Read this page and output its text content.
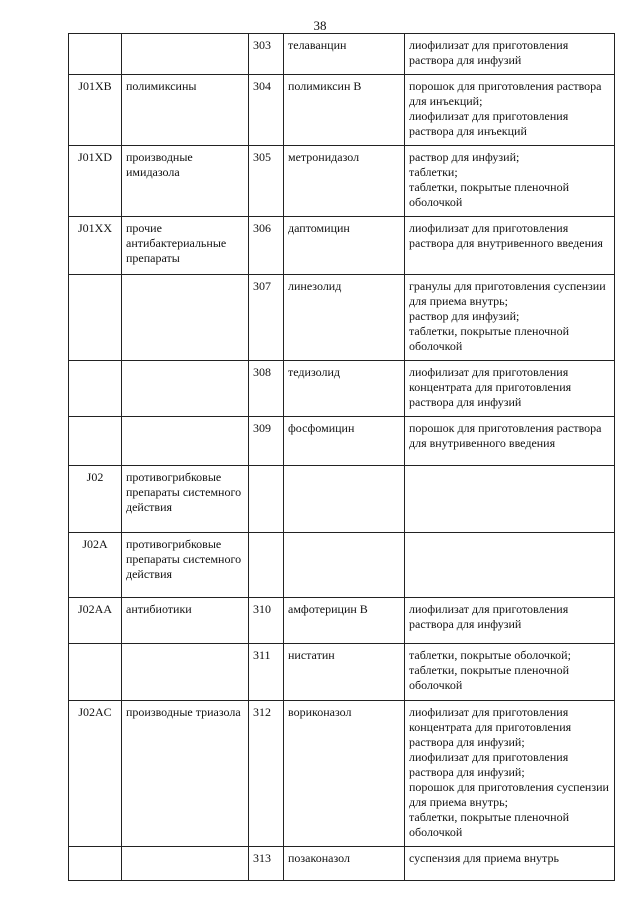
38
		303	телаванцин	лиофилизат для приготовления раствора для инфузий

J01XB	полимиксины	304	полимиксин В	порошок для приготовления раствора для инъекций;
лиофилизат для приготовления раствора для инъекций

J01XD	производные имидазола	305	метронидазол	раствор для инфузий;
таблетки;
таблетки, покрытые пленочной оболочкой

J01XX	прочие антибактериальные препараты	306	даптомицин	лиофилизат для приготовления раствора для внутривенного введения

		307	линезолид	гранулы для приготовления суспензии для приема внутрь;
раствор для инфузий;
таблетки, покрытые пленочной оболочкой

		308	тедизолид	лиофилизат для приготовления концентрата для приготовления раствора для инфузий

		309	фосфомицин	порошок для приготовления раствора для внутривенного введения

J02	противогрибковые препараты системного действия			
J02A	противогрибковые препараты системного действия			
J02AA	антибиотики	310	амфотерицин В	лиофилизат для приготовления раствора для инфузий

		311	нистатин	таблетки, покрытые оболочкой;
таблетки, покрытые пленочной оболочкой

J02AC	производные триазола	312	вориконазол	лиофилизат для приготовления концентрата для приготовления раствора для инфузий;
лиофилизат для приготовления раствора для инфузий;
порошок для приготовления суспензии для приема внутрь;
таблетки, покрытые пленочной оболочкой

		313	позаконазол	суспензия для приема внутрь
